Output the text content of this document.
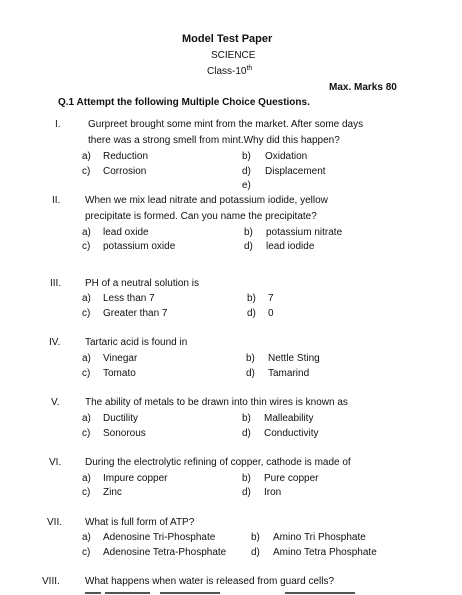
Model Test Paper
SCIENCE
Class-10th
Max. Marks 80
Q.1 Attempt the following Multiple Choice Questions.
I.	Gurpreet brought some mint from the market. After some days
there was a strong smell from mint.Why did this happen?
a) Reduction	b) Oxidation
c) Corrosion	d) Displacement
e)
II. When we mix lead nitrate and potassium iodide, yellow
precipitate is formed. Can you name the precipitate?
a) lead oxide	b) potassium nitrate
c) potassium oxide	d) lead iodide
III. PH of a neutral solution is
a) Less than 7	b) 7
c) Greater than 7	d) 0
IV. Tartaric acid is found in
a) Vinegar	b) Nettle Sting
c) Tomato	d) Tamarind
V.	The ability of metals to be drawn into thin wires is known as
a) Ductility	b) Malleability
c) Sonorous	d) Conductivity
VI. During the electrolytic refining of copper, cathode is made of
a) Impure copper	b) Pure copper
c) Zinc	d) Iron
VII. What is full form of ATP?
a) Adenosine Tri-Phosphate	b) Amino Tri Phosphate
c) Adenosine Tetra-Phosphate d) Amino Tetra Phosphate
VIII.	What happens when water is released from guard cells?
